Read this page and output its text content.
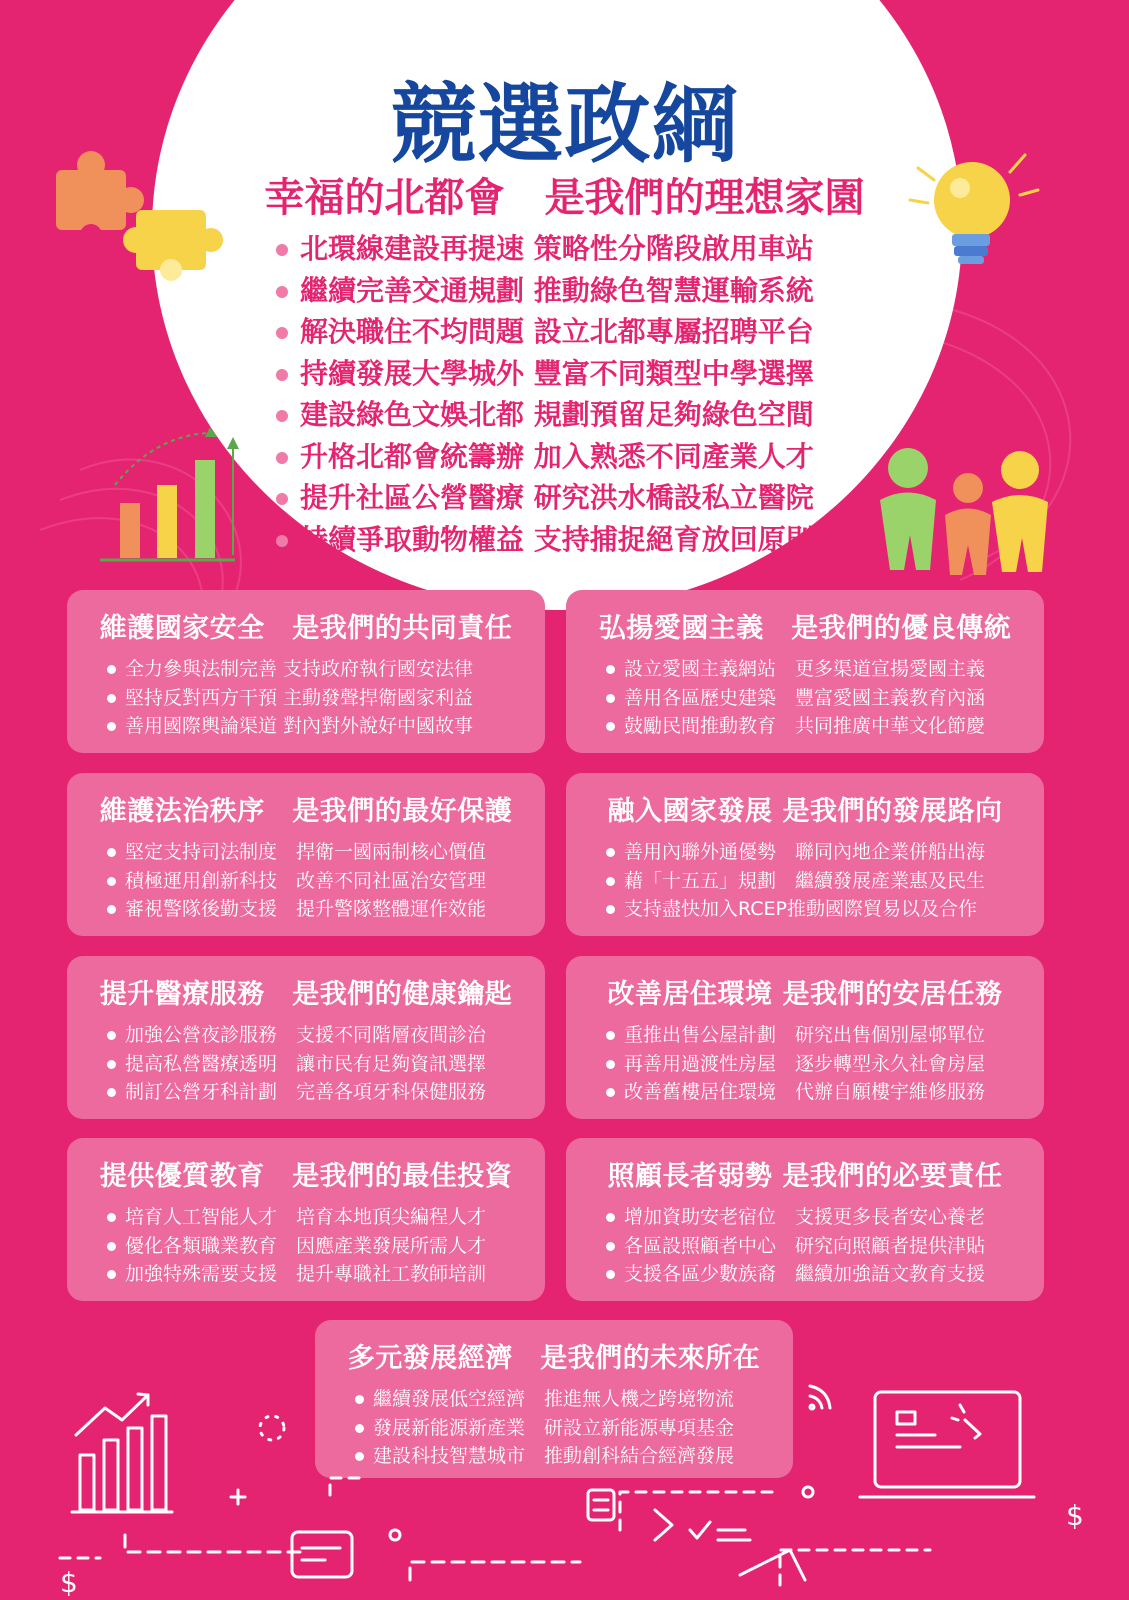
競選政綱
幸福的北都會　是我們的理想家園
北環線建設再提速 策略性分階段啟用車站
繼續完善交通規劃 推動綠色智慧運輸系統
解決職住不均問題 設立北都專屬招聘平台
持續發展大學城外 豐富不同類型中學選擇
建設綠色文娛北都 規劃預留足夠綠色空間
升格北都會統籌辦 加入熟悉不同產業人才
提升社區公營醫療 研究洪水橋設私立醫院
持續爭取動物權益 支持捕捉絕育放回原則
維護國家安全　是我們的共同責任
全力參與法制完善 支持政府執行國安法律
堅持反對西方干預 主動發聲捍衛國家利益
善用國際輿論渠道 對內對外說好中國故事
弘揚愛國主義　是我們的優良傳統
設立愛國主義網站　更多渠道宣揚愛國主義
善用各區歷史建築　豐富愛國主義教育內涵
鼓勵民間推動教育　共同推廣中華文化節慶
維護法治秩序　是我們的最好保護
堅定支持司法制度　捍衛一國兩制核心價值
積極運用創新科技　改善不同社區治安管理
審視警隊後勤支援　提升警隊整體運作效能
融入國家發展 是我們的發展路向
善用內聯外通優勢　聯同內地企業併船出海
藉「十五五」規劃　繼續發展產業惠及民生
支持盡快加入RCEP推動國際貿易以及合作
提升醫療服務　是我們的健康鑰匙
加強公營夜診服務　支援不同階層夜間診治
提高私營醫療透明　讓市民有足夠資訊選擇
制訂公營牙科計劃　完善各項牙科保健服務
改善居住環境 是我們的安居任務
重推出售公屋計劃　研究出售個別屋邨單位
再善用過渡性房屋　逐步轉型永久社會房屋
改善舊樓居住環境　代辦自願樓宇維修服務
提供優質教育　是我們的最佳投資
培育人工智能人才　培育本地頂尖編程人才
優化各類職業教育　因應產業發展所需人才
加強特殊需要支援　提升專職社工教師培訓
照顧長者弱勢 是我們的必要責任
增加資助安老宿位　支援更多長者安心養老
各區設照顧者中心　研究向照顧者提供津貼
支援各區少數族裔　繼續加強語文教育支援
多元發展經濟　是我們的未來所在
繼續發展低空經濟　推進無人機之跨境物流
發展新能源新產業　研設立新能源專項基金
建設科技智慧城市　推動創科結合經濟發展
$
$
